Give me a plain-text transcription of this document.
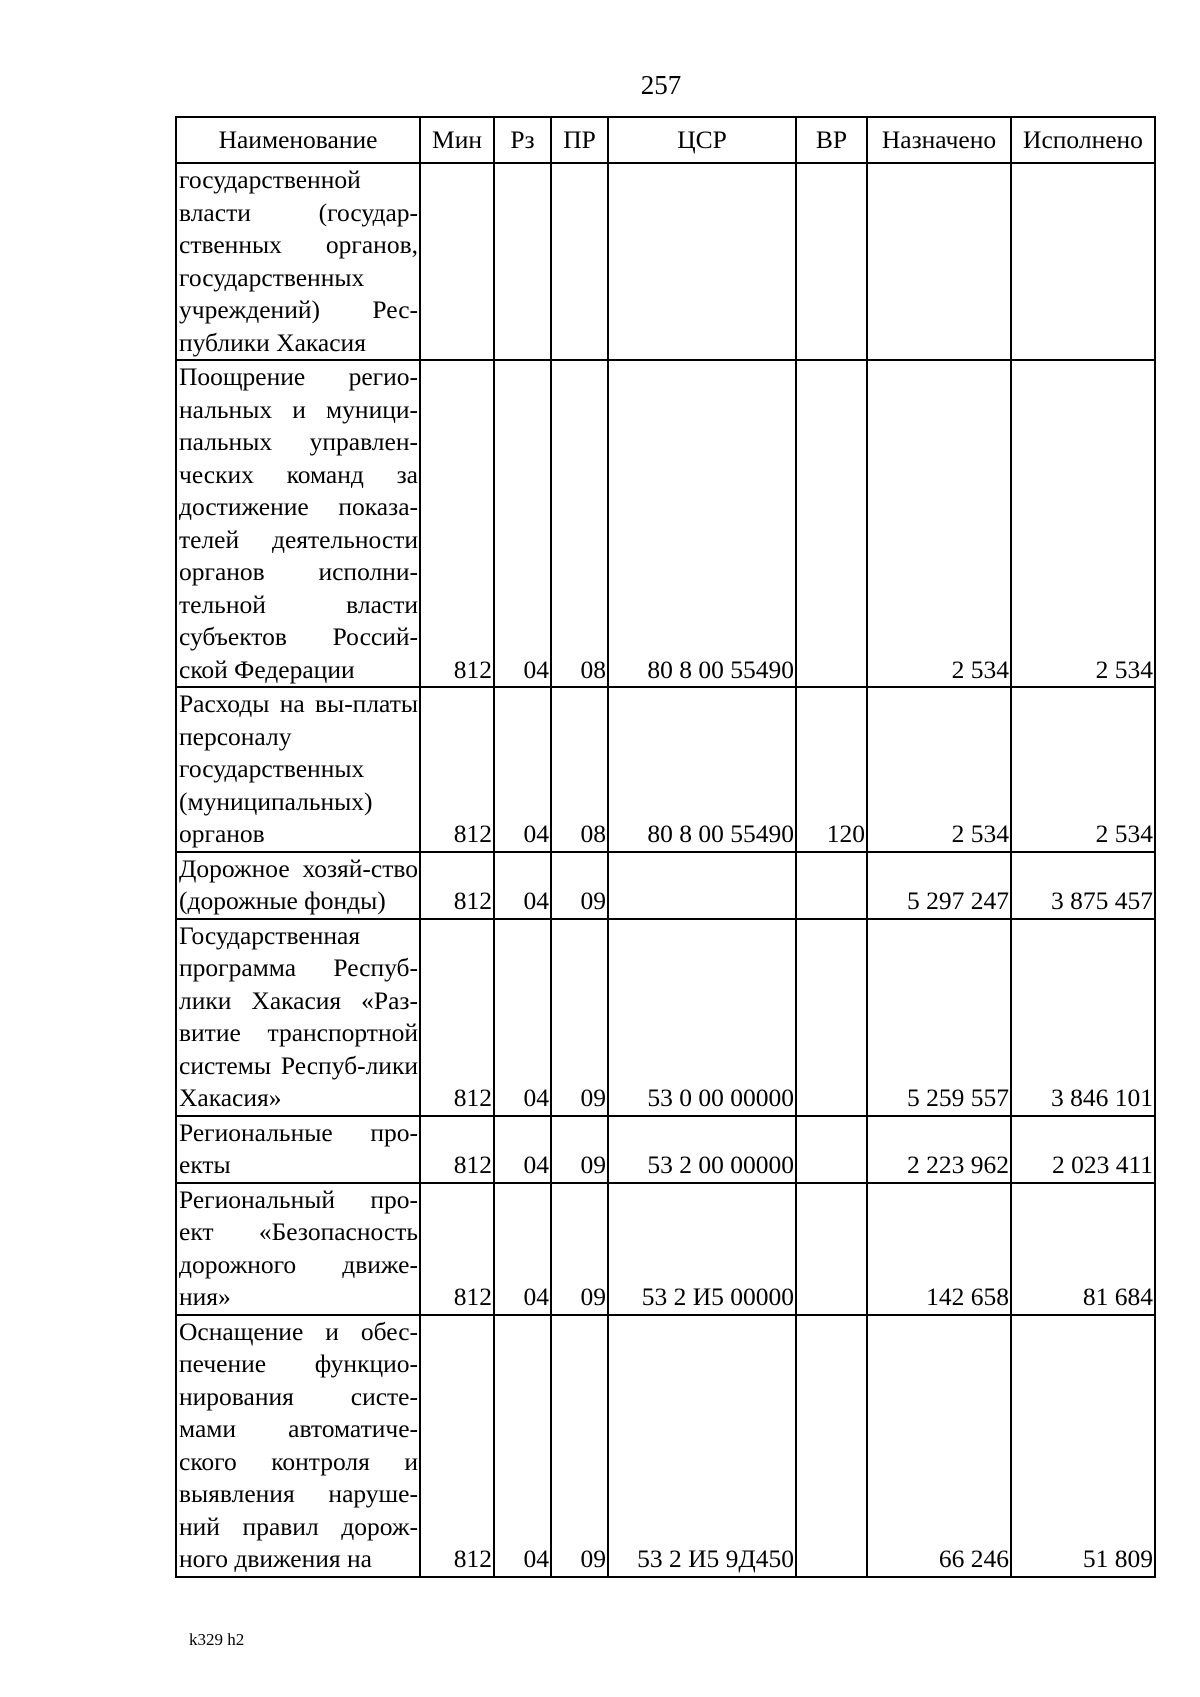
257
Наименование	Мин	Рз	ПР	ЦСР	ВР	Назначено	Исполнено
государственной власти (государ-ственных органов, государственных учреждений) Рес-публики Хакасия							
Поощрение регио-нальных и муници-пальных управлен-ческих команд за достижение показа-телей деятельности органов исполни-тельной власти субъектов Россий-ской Федерации	812	04	08	80 8 00 55490		2 534	2 534
Расходы на вы-платы персоналу государственных (муниципальных) органов	812	04	08	80 8 00 55490	120	2 534	2 534
Дорожное хозяй-ство (дорожные фонды)	812	04	09			5 297 247	3 875 457
Государственная программа Респуб-лики Хакасия «Раз-витие транспортной системы Респуб-лики Хакасия»	812	04	09	53 0 00 00000		5 259 557	3 846 101
Региональные про-екты	812	04	09	53 2 00 00000		2 223 962	2 023 411
Региональный про-ект «Безопасность дорожного движе-ния»	812	04	09	53 2 И5 00000		142 658	81 684
Оснащение и обес-печение функцио-нирования систе-мами автоматиче-ского контроля и выявления наруше-ний правил дорож-ного движения на	812	04	09	53 2 И5 9Д450		66 246	51 809
k329 h2
